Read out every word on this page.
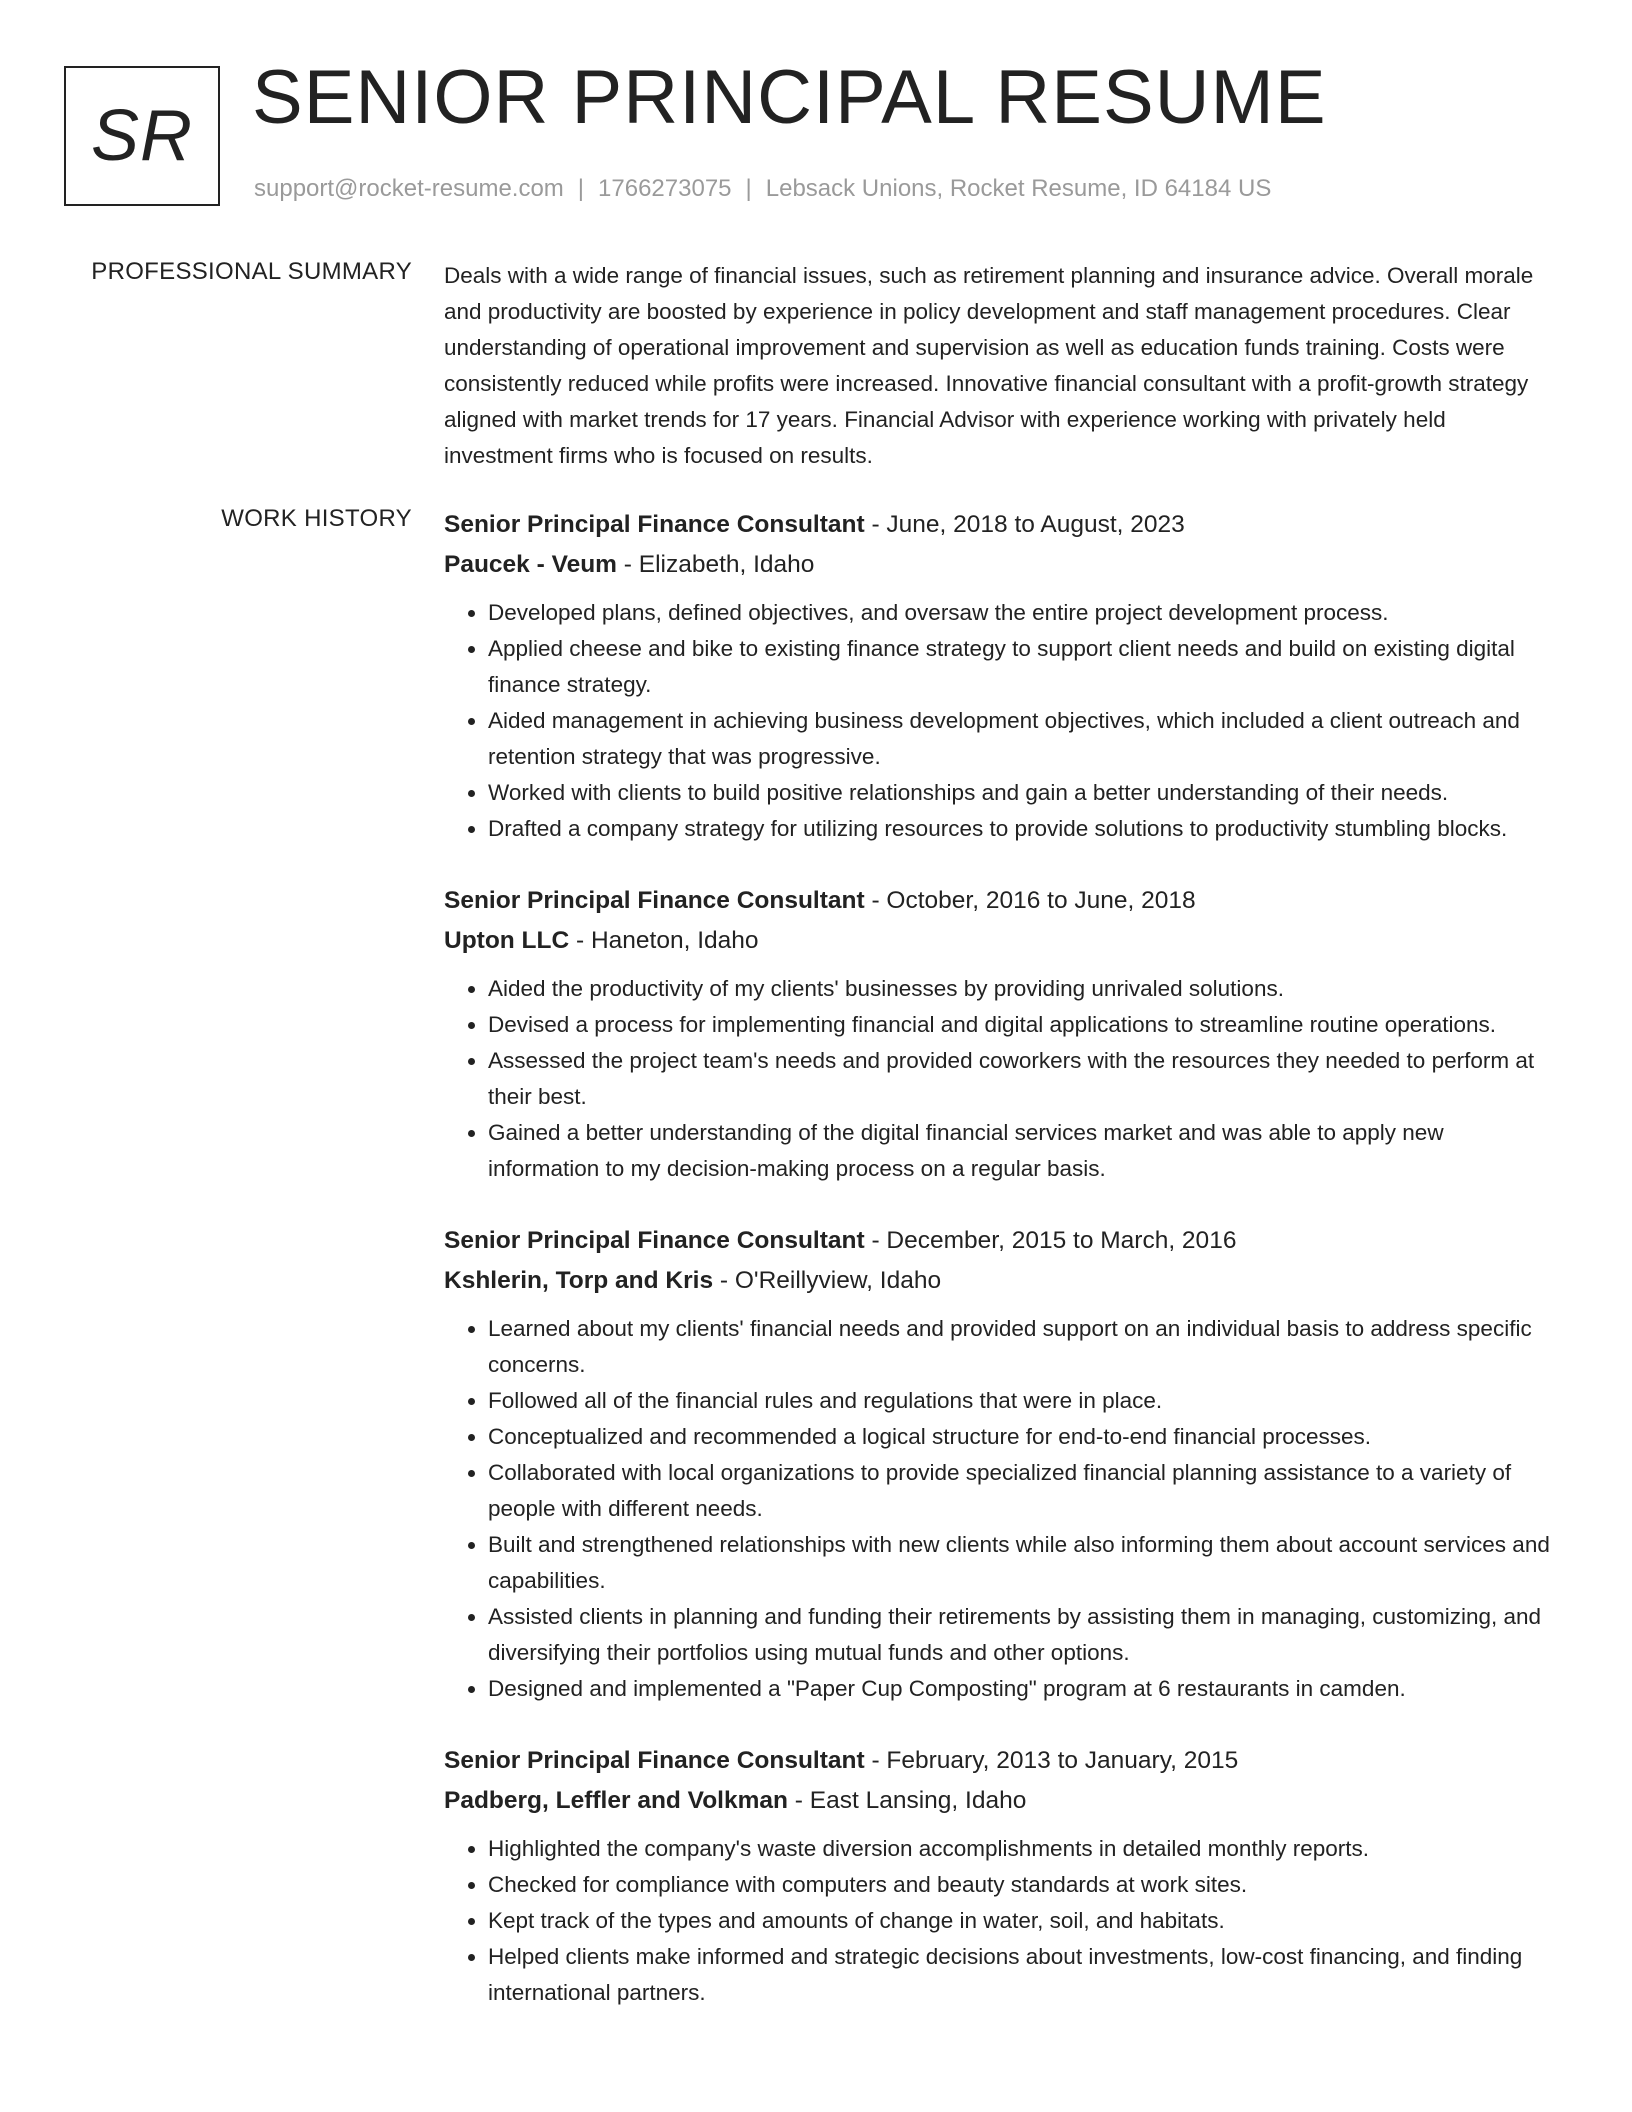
SR SENIOR PRINCIPAL RESUME
support@rocket-resume.com | 1766273075 | Lebsack Unions, Rocket Resume, ID 64184 US
PROFESSIONAL SUMMARY Deals with a wide range of financial issues, such as retirement planning and insurance advice. Overall morale and productivity are boosted by experience in policy development and staff management procedures. Clear understanding of operational improvement and supervision as well as education funds training. Costs were consistently reduced while profits were increased. Innovative financial consultant with a profit-growth strategy aligned with market trends for 17 years. Financial Advisor with experience working with privately held investment firms who is focused on results.
WORK HISTORY Senior Principal Finance Consultant - June, 2018 to August, 2023
Paucek - Veum - Elizabeth, Idaho
• Developed plans, defined objectives, and oversaw the entire project development process.
• Applied cheese and bike to existing finance strategy to support client needs and build on existing digital finance strategy.
• Aided management in achieving business development objectives, which included a client outreach and retention strategy that was progressive.
• Worked with clients to build positive relationships and gain a better understanding of their needs.
• Drafted a company strategy for utilizing resources to provide solutions to productivity stumbling blocks.
Senior Principal Finance Consultant - October, 2016 to June, 2018
Upton LLC - Haneton, Idaho
• Aided the productivity of my clients' businesses by providing unrivaled solutions.
• Devised a process for implementing financial and digital applications to streamline routine operations.
• Assessed the project team's needs and provided coworkers with the resources they needed to perform at their best.
• Gained a better understanding of the digital financial services market and was able to apply new information to my decision-making process on a regular basis.
Senior Principal Finance Consultant - December, 2015 to March, 2016
Kshlerin, Torp and Kris - O'Reillyview, Idaho
• Learned about my clients' financial needs and provided support on an individual basis to address specific concerns.
• Followed all of the financial rules and regulations that were in place.
• Conceptualized and recommended a logical structure for end-to-end financial processes.
• Collaborated with local organizations to provide specialized financial planning assistance to a variety of people with different needs.
• Built and strengthened relationships with new clients while also informing them about account services and capabilities.
• Assisted clients in planning and funding their retirements by assisting them in managing, customizing, and diversifying their portfolios using mutual funds and other options.
• Designed and implemented a "Paper Cup Composting" program at 6 restaurants in camden.
Senior Principal Finance Consultant - February, 2013 to January, 2015
Padberg, Leffler and Volkman - East Lansing, Idaho
• Highlighted the company's waste diversion accomplishments in detailed monthly reports.
• Checked for compliance with computers and beauty standards at work sites.
• Kept track of the types and amounts of change in water, soil, and habitats.
• Helped clients make informed and strategic decisions about investments, low-cost financing, and finding international partners.
